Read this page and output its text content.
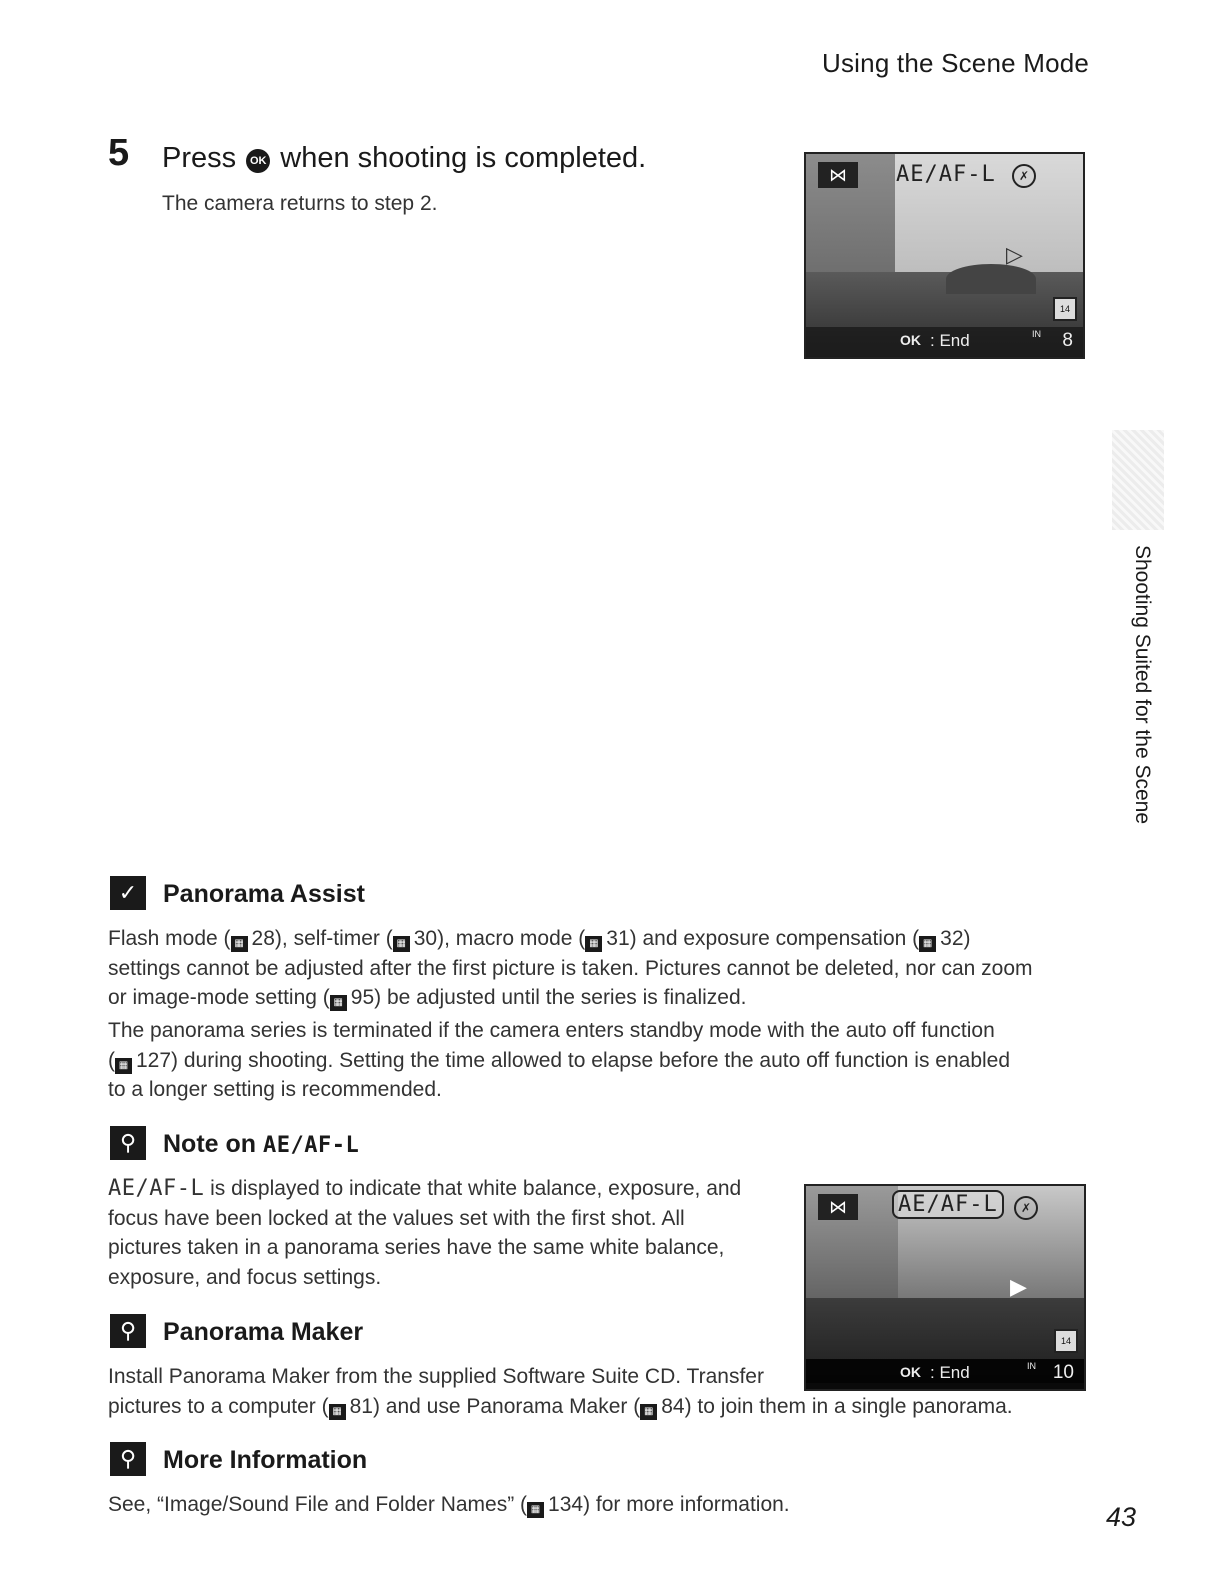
Using the Scene Mode
5 Press OK when shooting is completed.
The camera returns to step 2.
⋈	AE/AF-L	✗
▷
14
OK : End	IN 8
Shooting Suited for the Scene
✓	Panorama Assist
Flash mode ( ▦ 28), self-timer ( ▦ 30), macro mode ( ▦ 31) and exposure compensation ( ▦ 32)
settings cannot be adjusted after the first picture is taken. Pictures cannot be deleted, nor can zoom
or image-mode setting ( ▦ 95) be adjusted until the series is finalized.
The panorama series is terminated if the camera enters standby mode with the auto off function
( ▦ 127) during shooting. Setting the time allowed to elapse before the auto off function is enabled
to a longer setting is recommended.
⚲	Note on AE/AF-L
AE/AF-L is displayed to indicate that white balance, exposure, and
focus have been locked at the values set with the first shot. All
pictures taken in a panorama series have the same white balance,
exposure, and focus settings.
⋈	AE/AF-L	✗
▶
14
OK : End	IN 10
⚲	Panorama Maker
Install Panorama Maker from the supplied Software Suite CD. Transfer
pictures to a computer ( ▦ 81) and use Panorama Maker ( ▦ 84) to join them in a single panorama.
⚲	More Information
See, “Image/Sound File and Folder Names” ( ▦ 134) for more information.	43
